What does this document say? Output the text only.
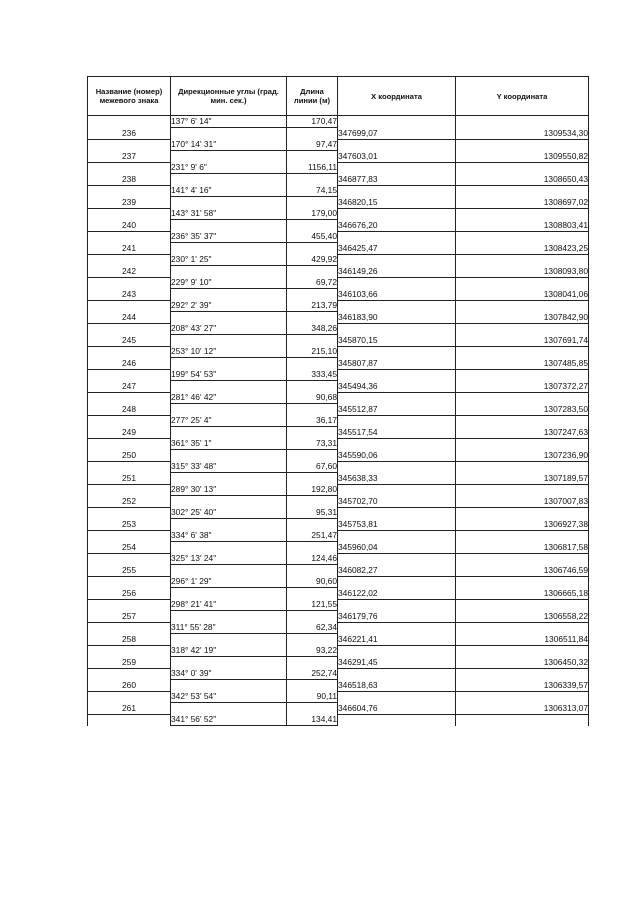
Название (номер) межевого знака	Дирекционные углы (град. мин. сек.)	Длина линии (м)	X координата	Y координата
	137° 6' 14"	170,47		
236			347699,07	1309534,30
	170° 14' 31"	97,47		
237			347603,01	1309550,82
	231° 9' 6"	1156,11		
238			346877,83	1308650,43
	141° 4' 16"	74,15		
239			346820,15	1308697,02
	143° 31' 58"	179,00		
240			346676,20	1308803,41
	236° 35' 37"	455,40		
241			346425,47	1308423,25
	230° 1' 25"	429,92		
242			346149,26	1308093,80
	229° 9' 10"	69,72		
243			346103,66	1308041,06
	292° 2' 39"	213,79		
244			346183,90	1307842,90
	208° 43' 27"	348,26		
245			345870,15	1307691,74
	253° 10' 12"	215,10		
246			345807,87	1307485,85
	199° 54' 53"	333,45		
247			345494,36	1307372,27
	281° 46' 42"	90,68		
248			345512,87	1307283,50
	277° 25' 4"	36,17		
249			345517,54	1307247,63
	361° 35' 1"	73,31		
250			345590,06	1307236,90
	315° 33' 48"	67,60		
251			345638,33	1307189,57
	289° 30' 13"	192,80		
252			345702,70	1307007,83
	302° 25' 40"	95,31		
253			345753,81	1306927,38
	334° 6' 38"	251,47		
254			345960,04	1306817,58
	325° 13' 24"	124,46		
255			346082,27	1306746,59
	296° 1' 29"	90,60		
256			346122,02	1306665,18
	298° 21' 41"	121,55		
257			346179,76	1306558,22
	311° 55' 28"	62,34		
258			346221,41	1306511,84
	318° 42' 19"	93,22		
259			346291,45	1306450,32
	334° 0' 39"	252,74		
260			346518,63	1306339,57
	342° 53' 54"	90,11		
261			346604,76	1306313,07
	341° 56' 52"	134,41		
